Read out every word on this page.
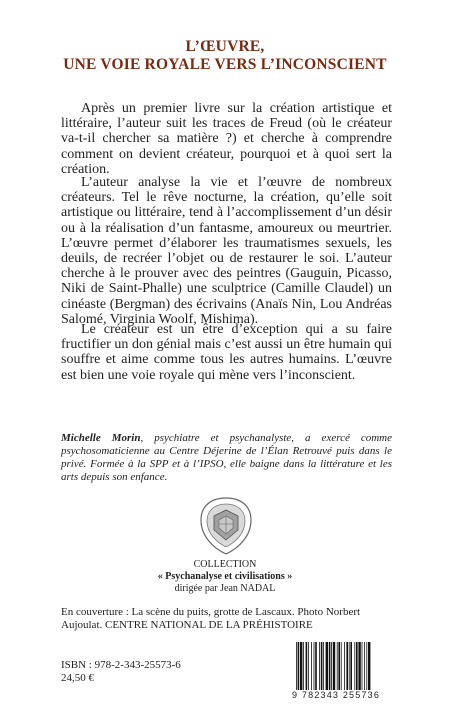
L’ŒUVRE,
UNE VOIE ROYALE VERS L’INCONSCIENT

Après un premier livre sur la création artistique et littéraire, l’auteur suit les traces de Freud (où le créateur va-t-il chercher sa matière ?) et cherche à comprendre comment on devient créateur, pourquoi et à quoi sert la création.

L’auteur analyse la vie et l’œuvre de nombreux créateurs. Tel le rêve nocturne, la création, qu’elle soit artistique ou littéraire, tend à l’accomplissement d’un désir ou à la réalisation d’un fantasme, amoureux ou meurtrier. L’œuvre permet d’élaborer les traumatismes sexuels, les deuils, de recréer l’objet ou de restaurer le soi. L’auteur cherche à le prouver avec des peintres (Gauguin, Picasso, Niki de Saint-Phalle) une sculptrice (Camille Claudel) un cinéaste (Bergman) des écrivains (Anaïs Nin, Lou Andréas Salomé, Virginia Woolf, Mishima).

Le créateur est un être d’exception qui a su faire fructifier un don génial mais c’est aussi un être humain qui souffre et aime comme tous les autres humains. L’œuvre est bien une voie royale qui mène vers l’inconscient.

Michelle Morin, psychiatre et psychanalyste, a exercé comme psychosomaticienne au Centre Déjerine de l’Élan Retrouvé puis dans le privé. Formée à la SPP et à l’IPSO, elle baigne dans la littérature et les arts depuis son enfance.

COLLECTION
« Psychanalyse et civilisations »
dirigée par Jean NADAL

En couverture : La scène du puits, grotte de Lascaux. Photo Norbert Aujoulat. CENTRE NATIONAL DE LA PRÉHISTOIRE

ISBN : 978-2-343-25573-6
24,50 €
9 782343 255736
